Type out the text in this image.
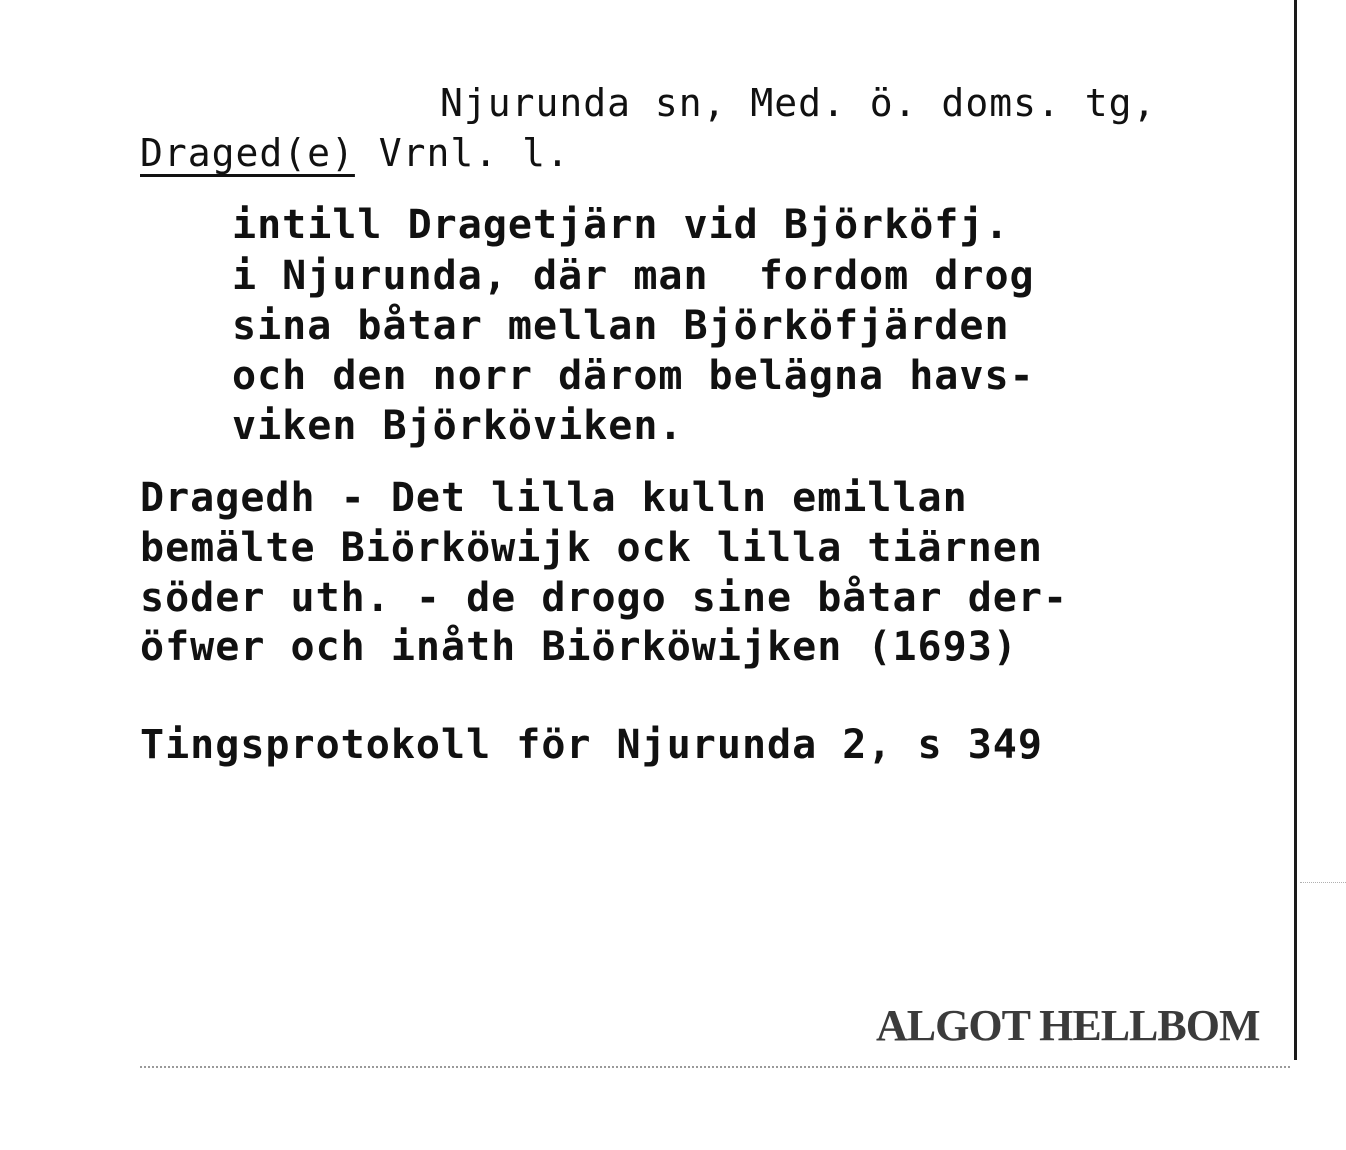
Njurunda sn, Med. ö. doms. tg,
Draged(e) Vrnl. l.
intill Dragetjärn vid Björköfj.
i Njurunda, där man  fordom drog
sina båtar mellan Björköfjärden
och den norr därom belägna havs-
viken Björköviken.
Dragedh - Det lilla kulln emillan
bemälte Biörköwijk ock lilla tiärnen
söder uth. - de drogo sine båtar der-
öfwer och inåth Biörköwijken (1693)
Tingsprotokoll för Njurunda 2, s 349
ALGOT HELLBOM
